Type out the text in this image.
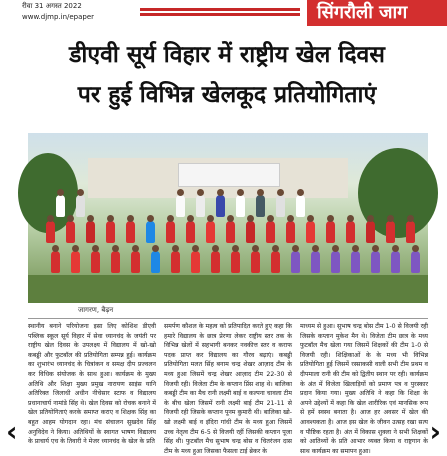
रीवा 31 अगस्त 2022
www.djmp.in/epaper	सिंगरौली जाग
डीएवी सूर्य विहार में राष्ट्रीय खेल दिवस
पर हुई विभिन्न खेलकूद प्रतियोगिताएं
जागरण, बैढ़न
स्थानीय बनाने परियोजना इसा लिए कोशिश डीएवी पब्लिक स्कूल सूर्य विहार में सेवा ध्यानचंद के जयंती पर राष्ट्रीय खेल दिवस के उपलक्ष्य में विद्यालय में खो-खो कबड्डी और फुटबॉल की प्रतियोगिता सम्पन्न हुई। कार्यक्रम का शुभारंभ ध्यानचंद के चित्रांकन व समक्ष दीप प्रज्वलन कर विधिक संयोजक के साथ हुआ। कार्यक्रम के मुख्य अतिथि और शिक्षा मुख्य प्रमुख नारायण साइंस यानि अतिरिक्त जिलाधी अधीन नीचेसार स्टाफ व विद्यालय प्रधानाचार्य नामांडे सिंह थे। खेल दिवस को रोचक बनाने में खेल प्रतियोगिताएं करके समाप्त कराए व शिक्षक सिंह का बहुत आहम योगदान रहा। मंच संचालन सुखदेव सिंह अनुविदेव ने किया। अतिथियों के स्वागत भाषण विद्यालय के प्राचार्य एच के तिवारी ने मेजर ध्यानचंद के खेल के प्रति
समर्पण कौशल के महत्व को प्रतिपादित करते हुए कहा कि हमारे विद्यालय के छात्र प्रेरणा लेकर राष्ट्रीय स्तर तक के विभिन्न खेलों में सहभागी बनकर नवकीत्त स्तर व कराफ पदक प्राप्त कर विद्यालय का गौरव बढ़ाएं। कबड्डी प्रतियोगिता मलत सिंह बनाम चन्द्र शेखर आज़ाद टीम के मध्य हुआ जिसमें चन्द्र शेखर आज़ाद टीम 22-30 से विजयी रही। विजेता टीम के कप्तान प्रिंस शाह थे। बालिका कबड्डी टीम का मैच रानी लक्ष्मी बाई व कल्पना चावला टीम के बीच खेला जिसमें रानी लक्ष्मी बाई टीम 21-11 से विजयी रही जिसके कप्तान पूनम कुमारी थी। बालिका खो-खो लक्ष्मी बाई व इंदिरा गांधी टीम के मध्य हुआ जिसमें उच्च नेतृत्व टीम 6-5 से विजयी रहीं जिसकी कप्तान पूजा सिंह थी। फुटबॉल मैच सुभाष चन्द्र बोस व चितरंजन दास टीम के मध्य हुआ जिसका फैसला टाई ब्रेकर के
माध्यम से हुआ। सुभाष चन्द्र बोस टीम 1-0 से विजयी रही जिसके कप्तान मुकेश मैन थे। विजेता टीम छात्र के मध्य फुटबॉल मैच खेला गया जिसमें शिक्षकों की टीम 1-0 से विजयी रही। शिक्षिकाओं के के मध्य भी विभिन्न प्रतियोगिता हुई जिसमें रस्साकसी वाली सभी टीम प्रथम व दीपमाला रानी की टीम को द्वितीय स्थान पर रही। कार्यक्रम के अंत में विजेता खिलाड़ियों को प्रमाण पत्र व पुरस्कार प्रदान किया गया। मुख्य अतिथि ने कहा कि शिक्षा के अपने उद्देश्यों में कहा कि खेल शारीरिक एवं मानसिक रूप से हमें स्वस्थ बनाता है। आज हर अवसर में खेल की आवश्यकता है। आज इस खेल के जीवन उत्सह रखा सत्य व पौष्टिक रहता है। अंत में विकास शुक्ला ने सभी शिक्षकों को आतिथ्यों के प्रति आभार व्यक्त किया व राष्ट्रगान के साथ कार्यक्रम का समापन हुआ।
‹	›
